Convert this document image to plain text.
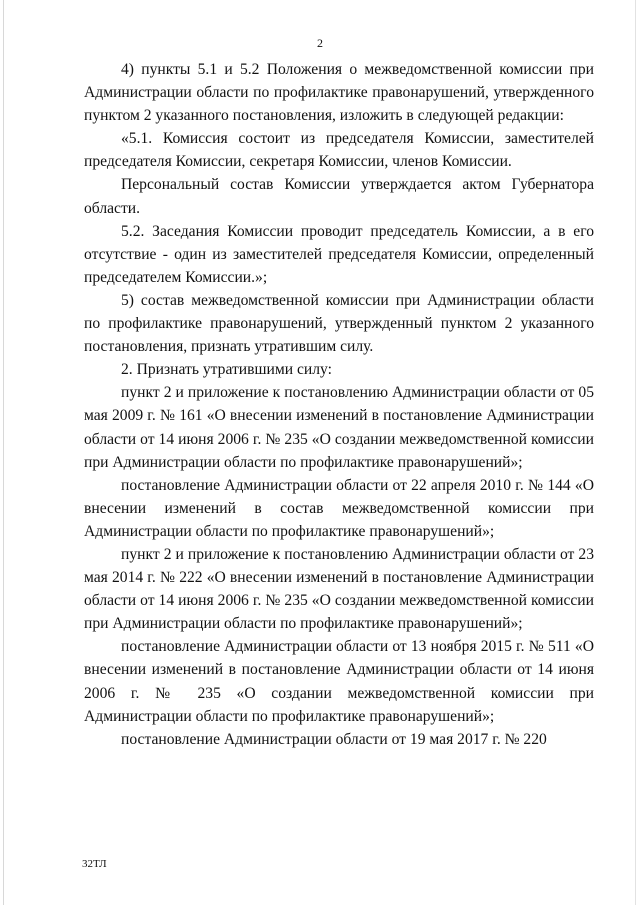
2

4) пункты 5.1 и 5.2 Положения о межведомственной комиссии при Администрации области по профилактике правонарушений, утвержденного пунктом 2 указанного постановления, изложить в следующей редакции:

«5.1. Комиссия состоит из председателя Комиссии, заместителей председателя Комиссии, секретаря Комиссии, членов Комиссии.

Персональный состав Комиссии утверждается актом Губернатора области.

5.2. Заседания Комиссии проводит председатель Комиссии, а в его отсутствие - один из заместителей председателя Комиссии, определенный председателем Комиссии.»;

5) состав межведомственной комиссии при Администрации области по профилактике правонарушений, утвержденный пунктом 2 указанного постановления, признать утратившим силу.

2. Признать утратившими силу:

пункт 2 и приложение к постановлению Администрации области от 05 мая 2009 г. № 161 «О внесении изменений в постановление Администрации области от 14 июня 2006 г. № 235 «О создании межведомственной комиссии при Администрации области по профилактике правонарушений»;

постановление Администрации области от 22 апреля 2010 г. № 144 «О внесении изменений в состав межведомственной комиссии при Администрации области по профилактике правонарушений»;

пункт 2 и приложение к постановлению Администрации области от 23 мая 2014 г. № 222 «О внесении изменений в постановление Администрации области от 14 июня 2006 г. № 235 «О создании межведомственной комиссии при Администрации области по профилактике правонарушений»;

постановление Администрации области от 13 ноября 2015 г. № 511 «О внесении изменений в постановление Администрации области от 14 июня 2006 г. № 235 «О создании межведомственной комиссии при Администрации области по профилактике правонарушений»;

постановление Администрации области от 19 мая 2017 г. № 220

32ТЛ
